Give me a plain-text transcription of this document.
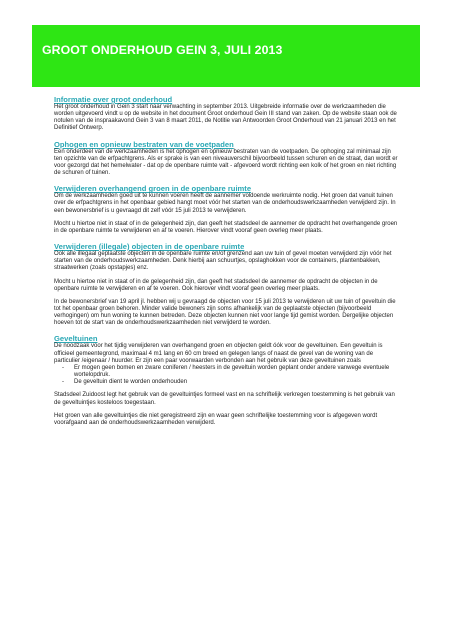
GROOT ONDERHOUD GEIN 3, JULI 2013
Informatie over groot onderhoud

Het groot onderhoud in Gein 3 start naar verwachting in september 2013. Uitgebreide informatie over de werkzaamheden die worden uitgevoerd vindt u op de website in het document Groot onderhoud Gein III stand van zaken. Op de website staan ook de notulen van de inspraakavond Gein 3 van 8 maart 2011, de Notitie van Antwoorden Groot Onderhoud van 21 januari 2013 en het Definitief Ontwerp.

Ophogen en opnieuw bestraten van de voetpaden

Een onderdeel van de werkzaamheden is het ophogen en opnieuw bestraten van de voetpaden. De ophoging zal minimaal zijn ten opzichte van de erfpachtgrens. Als er sprake is van een niveauverschil bijvoorbeeld tussen schuren en de straat, dan wordt er voor gezorgd dat het hemelwater - dat op de openbare ruimte valt - afgevoerd wordt richting een kolk of het groen en niet richting de schuren of tuinen.

Verwijderen overhangend groen in de openbare ruimte

Om de werkzaamheden goed uit te kunnen voeren heeft de aannemer voldoende werkruimte nodig. Het groen dat vanuit tuinen over de erfpachtgrens in het openbaar gebied hangt moet vóór het starten van de onderhoudswerkzaamheden verwijderd zijn. In een bewonersbrief is u gevraagd dit zelf vóór 15 juli 2013 te verwijderen.

Mocht u hiertoe niet in staat of in de gelegenheid zijn, dan geeft het stadsdeel de aannemer de opdracht het overhangende groen in de openbare ruimte te verwijderen en af te voeren. Hierover vindt vooraf geen overleg meer plaats.

Verwijderen (illegale) objecten in de openbare ruimte

Ook alle illegaal geplaatste objecten in de openbare ruimte en/of grenzend aan uw tuin of gevel moeten verwijderd zijn vóór het starten van de onderhoudswerkzaamheden. Denk hierbij aan schuurtjes, opslaghokken voor de containers, plantenbakken, straatwerken (zoals opstapjes) enz.

Mocht u hiertoe niet in staat of in de gelegenheid zijn, dan geeft het stadsdeel de aannemer de opdracht de objecten in de openbare ruimte te verwijderen en af te voeren. Ook hierover vindt vooraf geen overleg meer plaats.

In de bewonersbrief van 19 april jl. hebben wij u gevraagd de objecten voor 15 juli 2013 te verwijderen uit uw tuin of geveltuin die tot het openbaar groen behoren. Minder valide bewoners zijn soms afhankelijk van de geplaatste objecten (bijvoorbeeld verhogingen) om hun woning te kunnen betreden. Deze objecten kunnen niet voor lange tijd gemist worden. Dergelijke objecten hoeven tot de start van de onderhoudswerkzaamheden niet verwijderd te worden.

Geveltuinen

De noodzaak voor het tijdig verwijderen van overhangend groen en objecten geldt óók voor de geveltuinen. Een geveltuin is officieel gemeentegrond, maximaal 4 m1 lang en 60 cm breed en gelegen langs of naast de gevel van de woning van de particulier /eigenaar / huurder. Er zijn een paar voorwaarden verbonden aan het gebruik van deze geveltuinen zoals

- Er mogen geen bomen en zware coniferen / heesters in de geveltuin worden geplant onder andere vanwege eventuele wortelopdruk.
- De geveltuin dient te worden onderhouden

Stadsdeel Zuidoost legt het gebruik van de geveltuintjes formeel vast en na schriftelijk verkregen toestemming is het gebruik van de geveltuintjes kosteloos toegestaan.

Het groen van alle geveltuintjes die niet geregistreerd zijn en waar geen schriftelijke toestemming voor is afgegeven wordt voorafgaand aan de onderhoudswerkzaamheden verwijderd.
